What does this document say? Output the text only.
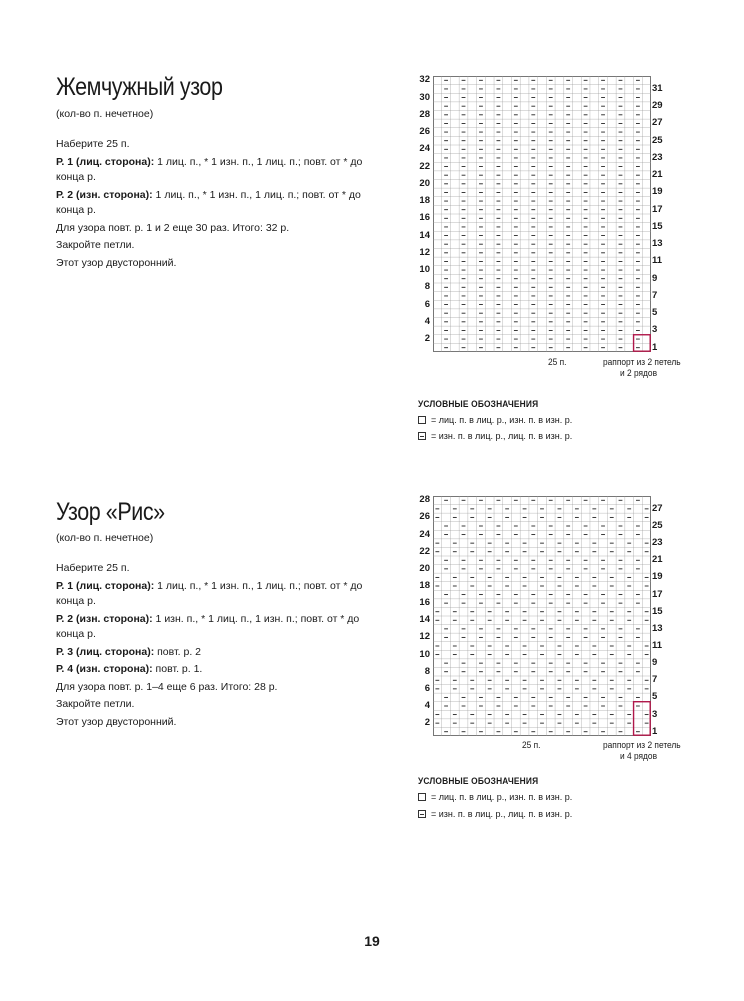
Жемчужный узор
(кол-во п. нечетное)

Наберите 25 п.

Р. 1 (лиц. сторона): 1 лиц. п., * 1 изн. п., 1 лиц. п.; повт. от * до конца р.

Р. 2 (изн. сторона): 1 лиц. п., * 1 изн. п., 1 лиц. п.; повт. от * до конца р.

Для узора повт. р. 1 и 2 еще 30 раз. Итого: 32 р.

Закройте петли.

Этот узор двусторонний.

32
30
28
26
24
22
20
18
16
14
12
10
8
6
4
2
31
29
27
25
23
21
19
17
15
13
11
9
7
5
3
1
25 п.	раппорт из 2 петель
и 2 рядов
УСЛОВНЫЕ ОБОЗНАЧЕНИЯ
= лиц. п. в лиц. р., изн. п. в изн. р.
= изн. п. в лиц. р., лиц. п. в изн. р.
Узор «Рис»
(кол-во п. нечетное)

Наберите 25 п.

Р. 1 (лиц. сторона): 1 лиц. п., * 1 изн. п., 1 лиц. п.; повт. от * до конца р.

Р. 2 (изн. сторона): 1 изн. п., * 1 лиц. п., 1 изн. п.; повт. от * до конца р.

Р. 3 (лиц. сторона): повт. р. 2

Р. 4 (изн. сторона): повт. р. 1.

Для узора повт. р. 1–4 еще 6 раз. Итого: 28 р.

Закройте петли.

Этот узор двусторонний.

28
26
24
22
20
18
16
14
12
10
8
6
4
2
27
25
23
21
19
17
15
13
11
9
7
5
3
1
25 п.	раппорт из 2 петель
и 4 рядов
УСЛОВНЫЕ ОБОЗНАЧЕНИЯ
= лиц. п. в лиц. р., изн. п. в изн. р.
= изн. п. в лиц. р., лиц. п. в изн. р.
19
